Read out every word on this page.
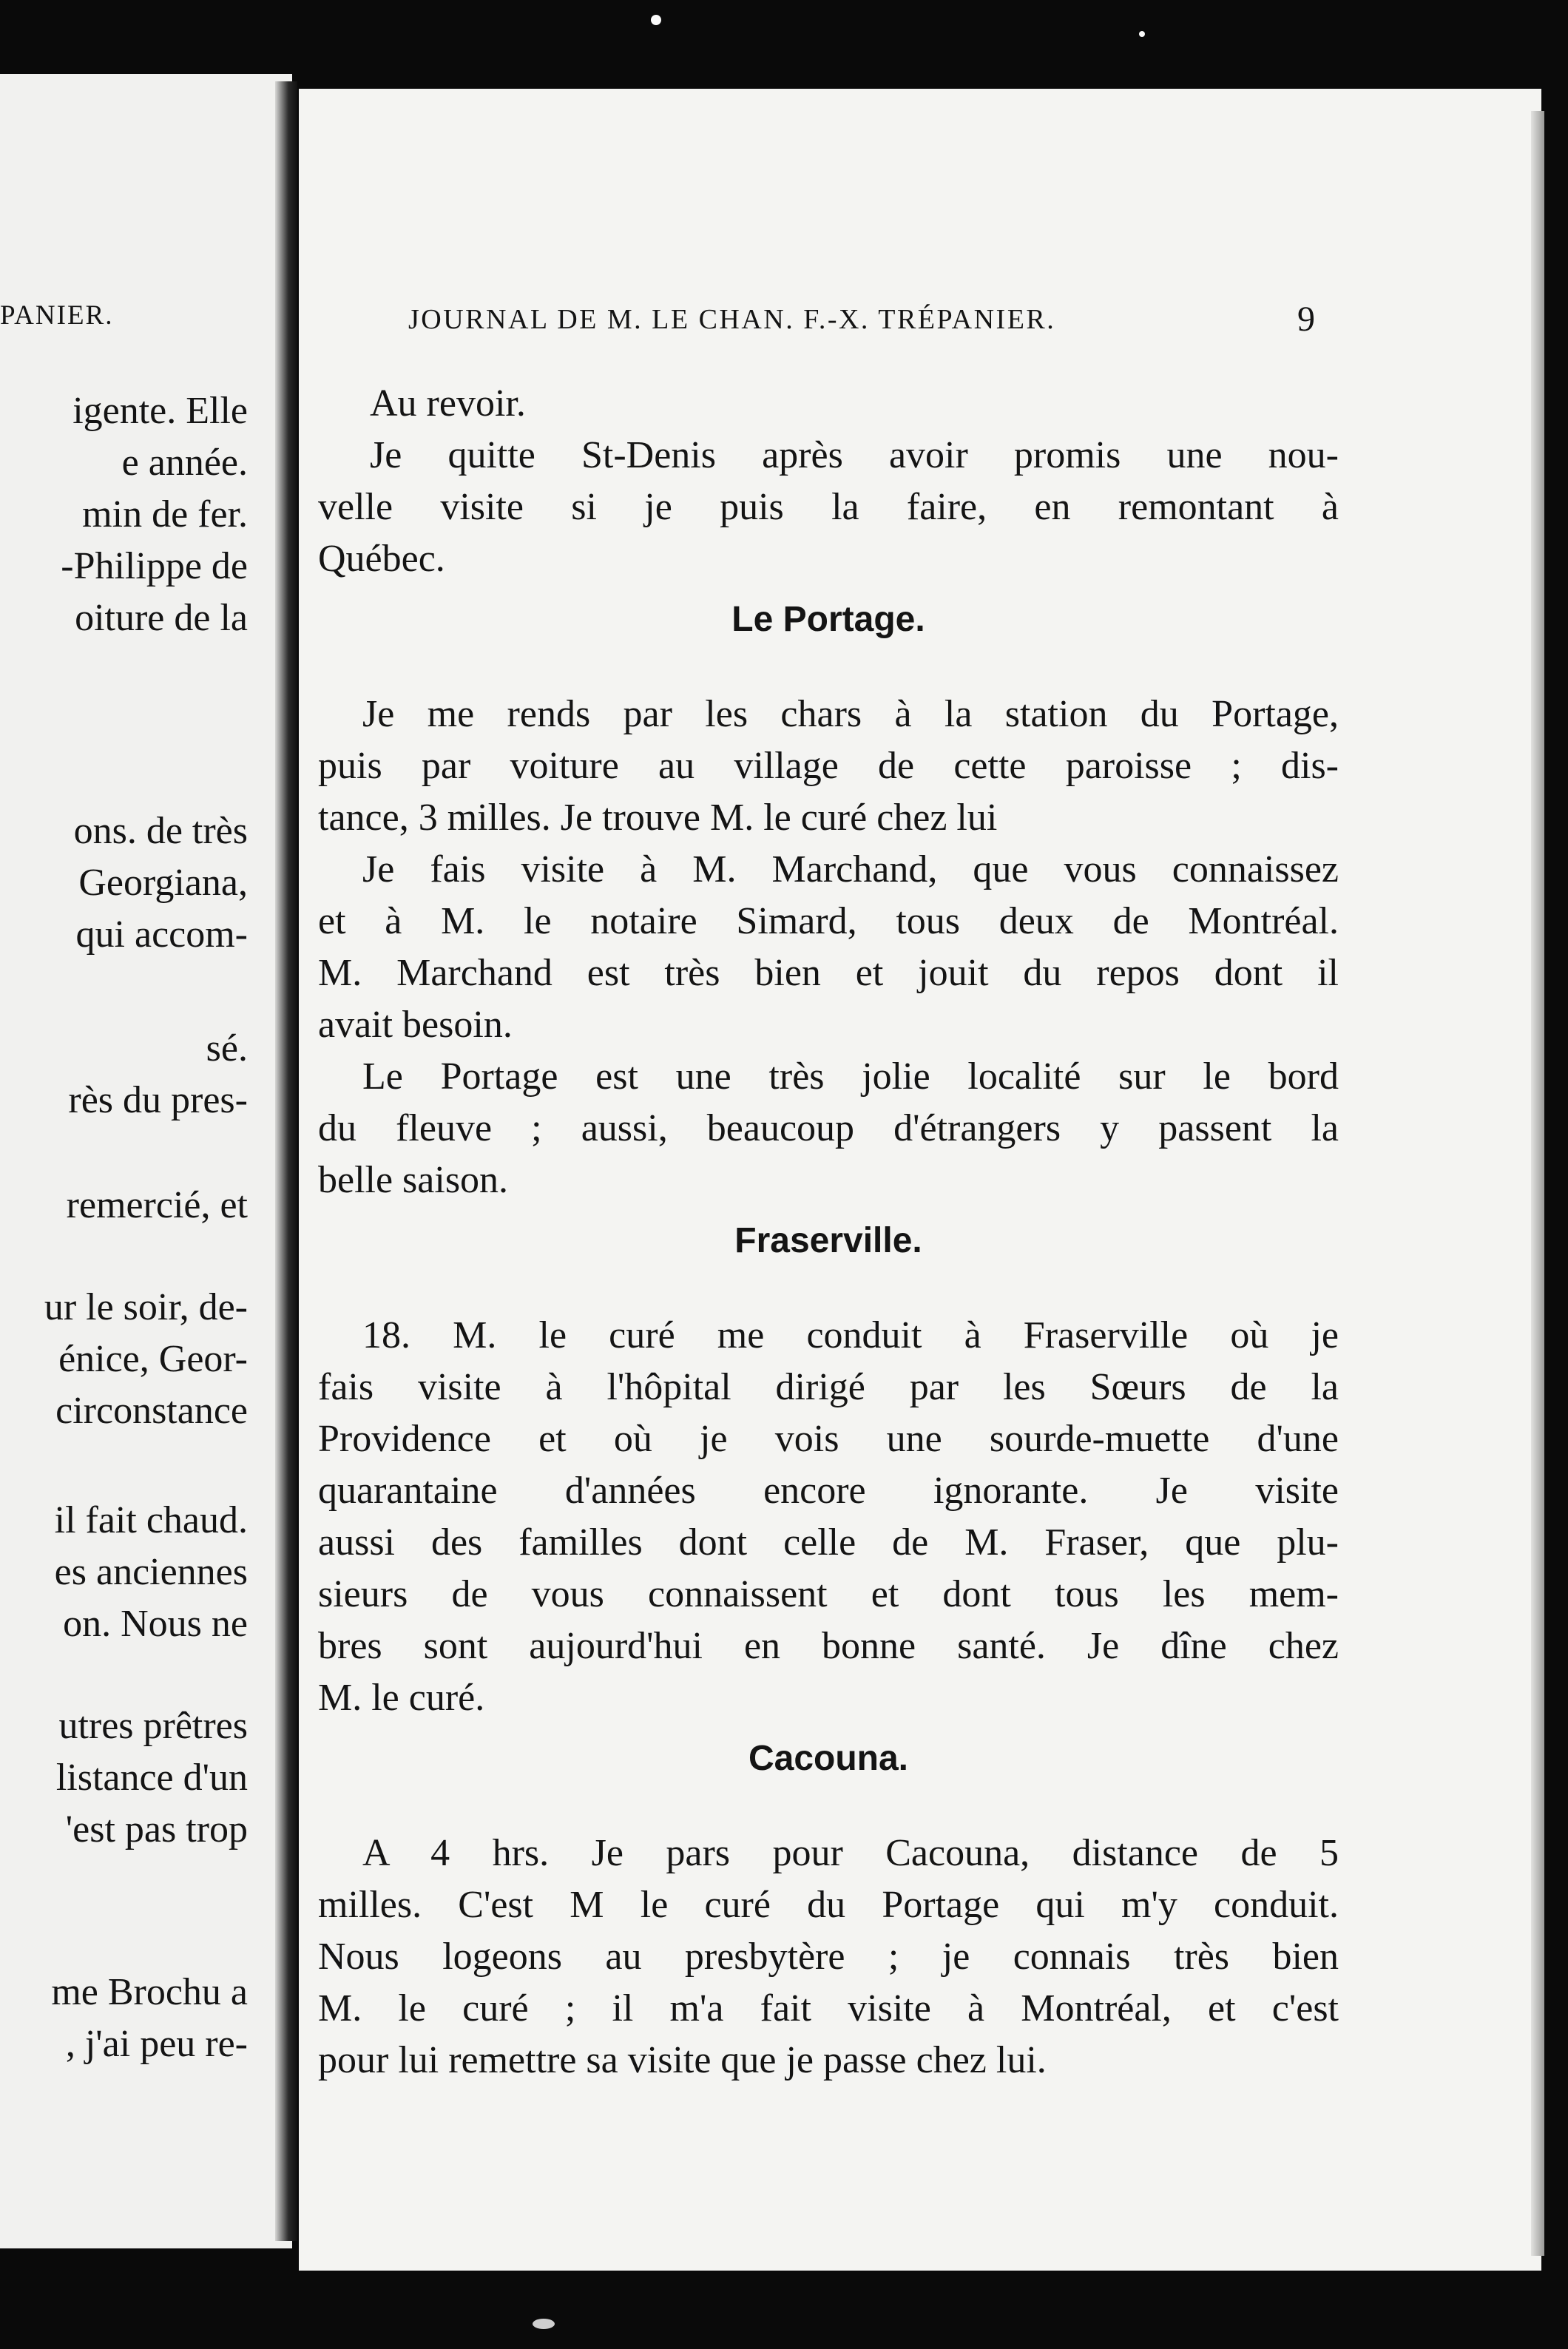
PANIER.
igente. Elle
e année.
min de fer.
-Philippe de
oiture de la
ons. de très
Georgiana,
qui accom-
sé.
rès du pres-
remercié, et
ur le soir, de-
énice, Geor-
circonstance
il fait chaud.
es anciennes
on. Nous ne
utres prêtres
listance d'un
'est pas trop
me Brochu a
, j'ai peu re-
JOURNAL DE M. LE CHAN. F.-X. TRÉPANIER.	9
Au revoir.
Je quitte St-Denis après avoir promis une nou-
velle visite si je puis la faire, en remontant à
Québec.
Le Portage.
Je me rends par les chars à la station du Portage,
puis par voiture au village de cette paroisse ; dis-
tance, 3 milles. Je trouve M. le curé chez lui
Je fais visite à M. Marchand, que vous connaissez
et à M. le notaire Simard, tous deux de Montréal.
M. Marchand est très bien et jouit du repos dont il
avait besoin.
Le Portage est une très jolie localité sur le bord
du fleuve ; aussi, beaucoup d'étrangers y passent la
belle saison.
Fraserville.
18. M. le curé me conduit à Fraserville où je
fais visite à l'hôpital dirigé par les Sœurs de la
Providence et où je vois une sourde-muette d'une
quarantaine d'années encore ignorante. Je visite
aussi des familles dont celle de M. Fraser, que plu-
sieurs de vous connaissent et dont tous les mem-
bres sont aujourd'hui en bonne santé. Je dîne chez
M. le curé.
Cacouna.
A 4 hrs. Je pars pour Cacouna, distance de 5
milles. C'est M le curé du Portage qui m'y conduit.
Nous logeons au presbytère ; je connais très bien
M. le curé ; il m'a fait visite à Montréal, et c'est
pour lui remettre sa visite que je passe chez lui.
